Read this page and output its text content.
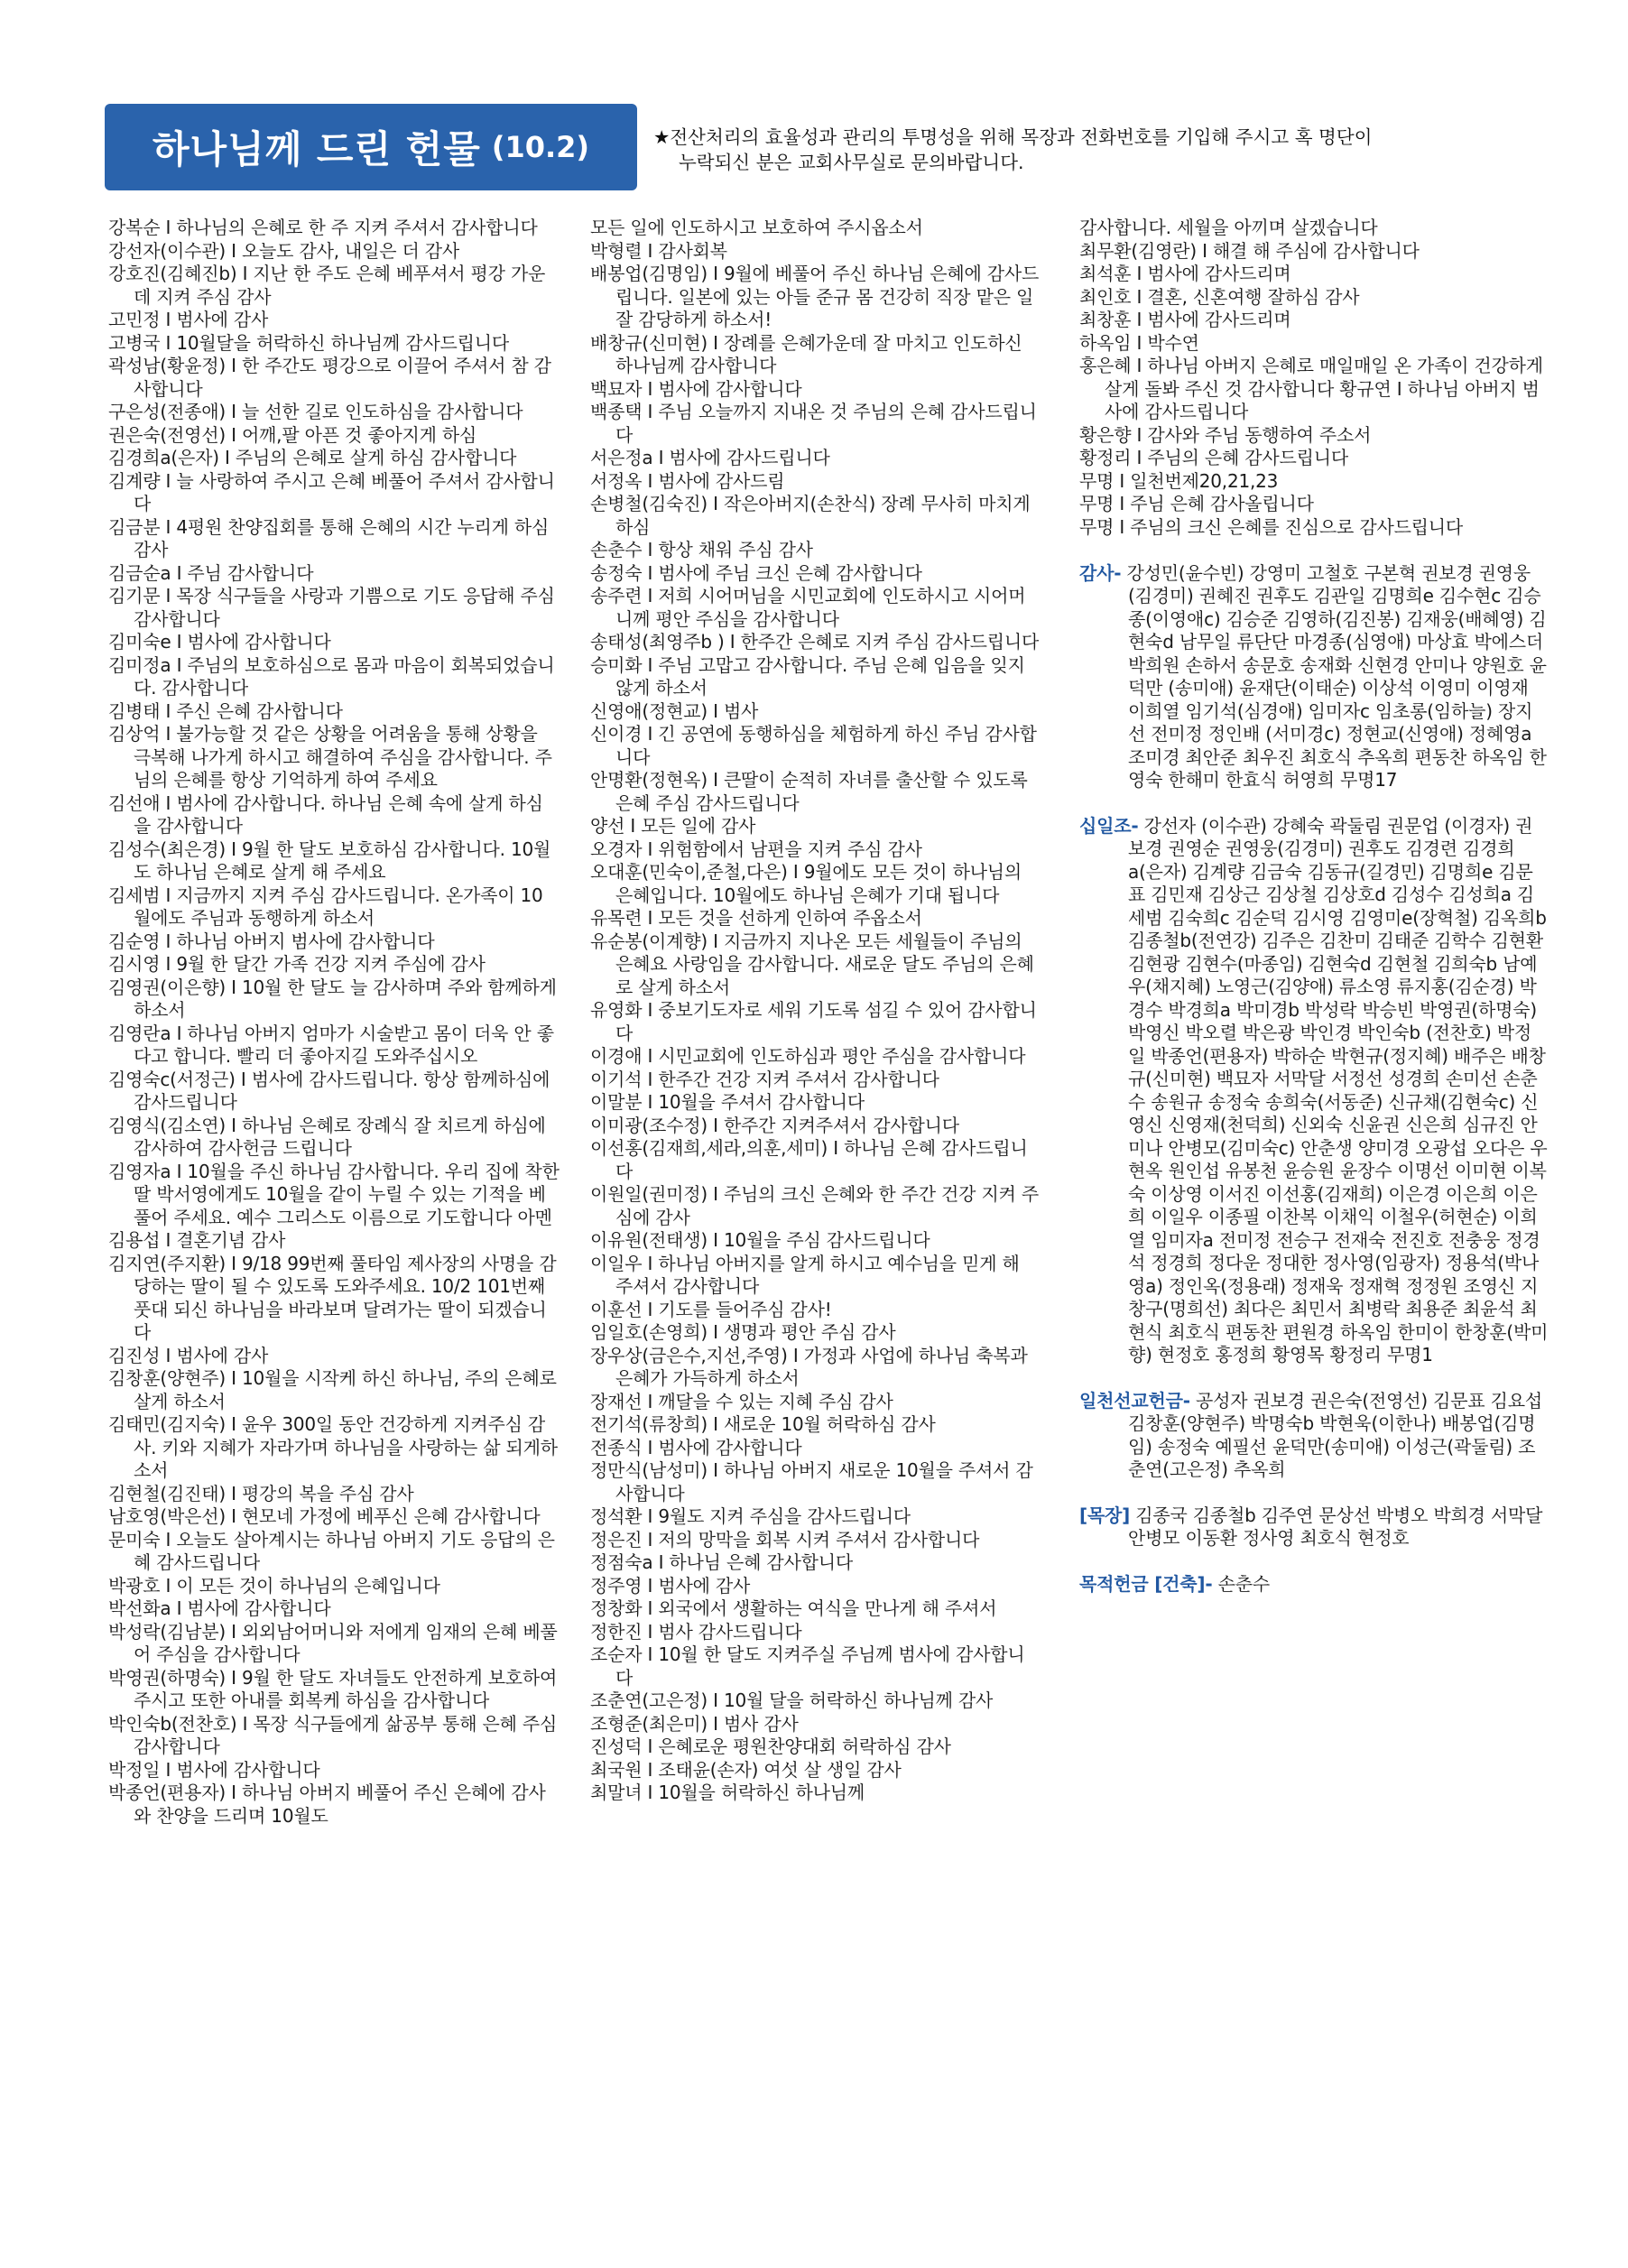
하나님께 드린 헌물 (10.2)	★전산처리의 효율성과 관리의 투명성을 위해 목장과 전화번호를 기입해 주시고 혹 명단이
누락되신 분은 교회사무실로 문의바랍니다.

강복순 I 하나님의 은혜로 한 주 지켜 주셔서 감사합니다

강선자(이수관) I 오늘도 감사, 내일은 더 감사

강호진(김혜진b) I 지난 한 주도 은혜 베푸셔서 평강 가운데 지켜 주심 감사

고민정 I 범사에 감사

고병국 I 10월달을 허락하신 하나님께 감사드립니다

곽성남(황윤정) I 한 주간도 평강으로 이끌어 주셔서 참 감사합니다

구은성(전종애) I 늘 선한 길로 인도하심을 감사합니다

권은숙(전영선) I 어깨,팔 아픈 것 좋아지게 하심

김경희a(은자) I 주님의 은혜로 살게 하심 감사합니다

김계량 I 늘 사랑하여 주시고 은혜 베풀어 주셔서 감사합니다

김금분 I 4평원 찬양집회를 통해 은혜의 시간 누리게 하심 감사

김금순a I 주님 감사합니다

김기문 I 목장 식구들을 사랑과 기쁨으로 기도 응답해 주심 감사합니다

김미숙e I 범사에 감사합니다

김미정a I 주님의 보호하심으로 몸과 마음이 회복되었습니다. 감사합니다

김병태 I 주신 은혜 감사합니다

김상억 I 불가능할 것 같은 상황을 어려움을 통해 상황을 극복해 나가게 하시고 해결하여 주심을 감사합니다. 주님의 은혜를 항상 기억하게 하여 주세요

김선애 I 범사에 감사합니다. 하나님 은혜 속에 살게 하심을 감사합니다

김성수(최은경) I 9월 한 달도 보호하심 감사합니다. 10월도 하나님 은혜로 살게 해 주세요

김세범 I 지금까지 지켜 주심 감사드립니다. 온가족이 10월에도 주님과 동행하게 하소서

김순영 I 하나님 아버지 범사에 감사합니다

김시영 I 9월 한 달간 가족 건강 지켜 주심에 감사

김영권(이은향) I 10월 한 달도 늘 감사하며 주와 함께하게 하소서

김영란a I 하나님 아버지 엄마가 시술받고 몸이 더욱 안 좋다고 합니다. 빨리 더 좋아지길 도와주십시오

김영숙c(서정근) I 범사에 감사드립니다. 항상 함께하심에 감사드립니다

김영식(김소연) I 하나님 은혜로 장례식 잘 치르게 하심에 감사하여 감사헌금 드립니다

김영자a I 10월을 주신 하나님 감사합니다. 우리 집에 착한 딸 박서영에게도 10월을 같이 누릴 수 있는 기적을 베풀어 주세요. 예수 그리스도 이름으로 기도합니다 아멘

김용섭 I 결혼기념 감사

김지연(주지환) I 9/18 99번째 풀타임 제사장의 사명을 감당하는 딸이 될 수 있도록 도와주세요. 10/2 101번째 풋대 되신 하나님을 바라보며 달려가는 딸이 되겠습니다

김진성 I 범사에 감사

김창훈(양현주) I 10월을 시작케 하신 하나님, 주의 은혜로 살게 하소서

김태민(김지숙) I 윤우 300일 동안 건강하게 지켜주심 감사. 키와 지혜가 자라가며 하나님을 사랑하는 삶 되게하소서

김현철(김진태) I 평강의 복을 주심 감사

남호영(박은선) I 현모네 가정에 베푸신 은혜 감사합니다

문미숙 I 오늘도 살아계시는 하나님 아버지 기도 응답의 은혜 감사드립니다

박광호 I 이 모든 것이 하나님의 은혜입니다

박선화a I 범사에 감사합니다

박성락(김남분) I 외외남어머니와 저에게 임재의 은혜 베풀어 주심을 감사합니다

박영권(하명숙) I 9월 한 달도 자녀들도 안전하게 보호하여 주시고 또한 아내를 회복케 하심을 감사합니다

박인숙b(전찬호) I 목장 식구들에게 삶공부 통해 은혜 주심 감사합니다

박정일 I 범사에 감사합니다

박종언(편용자) I 하나님 아버지 베풀어 주신 은혜에 감사와 찬양을 드리며 10월도

모든 일에 인도하시고 보호하여 주시옵소서

박형렬 I 감사회복

배봉업(김명임) I 9월에 베풀어 주신 하나님 은혜에 감사드립니다. 일본에 있는 아들 준규 몸 건강히 직장 맡은 일 잘 감당하게 하소서!

배창규(신미현) I 장례를 은혜가운데 잘 마치고 인도하신 하나님께 감사합니다

백묘자 I 범사에 감사합니다

백종택 I 주님 오늘까지 지내온 것 주님의 은혜 감사드립니다

서은정a I 범사에 감사드립니다

서정옥 I 범사에 감사드림

손병철(김숙진) I 작은아버지(손찬식) 장례 무사히 마치게 하심

손춘수 I 항상 채워 주심 감사

송정숙 I 범사에 주님 크신 은혜 감사합니다

송주련 I 저희 시어머님을 시민교회에 인도하시고 시어머니께 평안 주심을 감사합니다

송태성(최영주b ) I 한주간 은혜로 지켜 주심 감사드립니다

승미화 I 주님 고맙고 감사합니다. 주님 은혜 입음을 잊지 않게 하소서

신영애(정현교) I 범사

신이경 I 긴 공연에 동행하심을 체험하게 하신 주님 감사합니다

안명환(정현옥) I 큰딸이 순적히 자녀를 출산할 수 있도록 은혜 주심 감사드립니다

양선 I 모든 일에 감사

오경자 I 위험함에서 남편을 지켜 주심 감사

오대훈(민숙이,준철,다은) I 9월에도 모든 것이 하나님의 은혜입니다. 10월에도 하나님 은혜가 기대 됩니다

유목련 I 모든 것을 선하게 인하여 주옵소서

유순봉(이계향) I 지금까지 지나온 모든 세월들이 주님의 은혜요 사랑임을 감사합니다. 새로운 달도 주님의 은혜로 살게 하소서

유영화 I 중보기도자로 세워 기도록 섬길 수 있어 감사합니다

이경애 I 시민교회에 인도하심과 평안 주심을 감사합니다

이기석 I 한주간 건강 지켜 주셔서 감사합니다

이말분 I 10월을 주셔서 감사합니다

이미광(조수정) I 한주간 지켜주셔서 감사합니다

이선홍(김재희,세라,의훈,세미) I 하나님 은혜 감사드립니다

이원일(권미정) I 주님의 크신 은혜와 한 주간 건강 지켜 주심에 감사

이유원(전태생) I 10월을 주심 감사드립니다

이일우 I 하나님 아버지를 알게 하시고 예수님을 믿게 해 주셔서 감사합니다

이훈선 I 기도를 들어주심 감사!

임일호(손영희) I 생명과 평안 주심 감사

장우상(금은수,지선,주영) I 가정과 사업에 하나님 축복과 은혜가 가득하게 하소서

장재선 I 깨달을 수 있는 지혜 주심 감사

전기석(류창희) I 새로운 10월 허락하심 감사

전종식 I 범사에 감사합니다

정만식(남성미) I 하나님 아버지 새로운 10월을 주셔서 감사합니다

정석환 I 9월도 지켜 주심을 감사드립니다

정은진 I 저의 망막을 회복 시켜 주셔서 감사합니다

정점숙a I 하나님 은혜 감사합니다

정주영 I 범사에 감사

정창화 I 외국에서 생활하는 여식을 만나게 해 주셔서

정한진 I 범사 감사드립니다

조순자 I 10월 한 달도 지켜주실 주님께 범사에 감사합니다

조춘연(고은정) I 10월 달을 허락하신 하나님께 감사

조형준(최은미) I 범사 감사

진성덕 I 은혜로운 평원찬양대회 허락하심 감사

최국원 I 조태윤(손자) 여섯 살 생일 감사

최말녀 I 10월을 허락하신 하나님께

감사합니다. 세월을 아끼며 살겠습니다

최무환(김영란) I 해결 해 주심에 감사합니다

최석훈 I 범사에 감사드리며

최인호 I 결혼, 신혼여행 잘하심 감사

최창훈 I 범사에 감사드리며

하옥임 I 박수연

홍은혜 I 하나님 아버지 은혜로 매일매일 온 가족이 건강하게 살게 돌봐 주신 것 감사합니다 황규연 I 하나님 아버지 범사에 감사드립니다

황은향 I 감사와 주님 동행하여 주소서

황정리 I 주님의 은혜 감사드립니다

무명 I 일천번제20,21,23

무명 I 주님 은혜 감사올립니다

무명 I 주님의 크신 은혜를 진심으로 감사드립니다

감사- 강성민(윤수빈) 강영미 고철호 구본혁 권보경 권영웅(김경미) 권혜진 권후도 김관일 김명희e 김수현c 김승종(이영애c) 김승준 김영하(김진봉) 김재웅(배혜영) 김현숙d 남무일 류단단 마경종(심영애) 마상효 박에스더 박희원 손하서 송문호 송재화 신현경 안미나 양원호 윤덕만 (송미애) 윤재단(이태순) 이상석 이영미 이영재 이희열 임기석(심경애) 임미자c 임초롱(임하늘) 장지선 전미정 정인배 (서미경c) 정현교(신영애) 정혜영a 조미경 최안준 최우진 최호식 추옥희 편동찬 하옥임 한영숙 한해미 한효식 허영희 무명17

십일조- 강선자 (이수관) 강혜숙 곽둘림 권문업 (이경자) 권보경 권영순 권영웅(김경미) 권후도 김경련 김경희a(은자) 김계량 김금숙 김동규(길경민) 김명희e 김문표 김민재 김상근 김상철 김상호d 김성수 김성희a 김세범 김숙희c 김순덕 김시영 김영미e(장혁철) 김옥희b 김종철b(전연강) 김주은 김찬미 김태준 김학수 김현환 김현광 김현수(마종임) 김현숙d 김현철 김희숙b 남예우(채지혜) 노영근(김양애) 류소영 류지홍(김순경) 박경수 박경희a 박미경b 박성락 박승빈 박영권(하명숙) 박영신 박오렬 박은광 박인경 박인숙b (전찬호) 박정일 박종언(편용자) 박하순 박현규(정지혜) 배주은 배창규(신미현) 백묘자 서막달 서정선 성경희 손미선 손춘수 송원규 송정숙 송희숙(서동준) 신규채(김현숙c) 신영신 신영재(천덕희) 신외숙 신윤권 신은희 심규진 안미나 안병모(김미숙c) 안춘생 양미경 오광섭 오다은 우현옥 원인섭 유봉천 윤승원 윤장수 이명선 이미현 이복숙 이상영 이서진 이선홍(김재희) 이은경 이은희 이은희 이일우 이종필 이찬복 이채익 이철우(허현순) 이희열 임미자a 전미정 전승구 전재숙 전진호 전충웅 정경석 정경희 정다운 정대한 정사영(임광자) 정용석(박나영a) 정인옥(정용래) 정재욱 정재혁 정정원 조영신 지창구(명희선) 최다은 최민서 최병락 최용준 최윤석 최현식 최호식 편동찬 편원경 하옥임 한미이 한창훈(박미향) 현정호 홍정희 황영목 황정리 무명1

일천선교헌금- 공성자 권보경 권은숙(전영선) 김문표 김요섭 김창훈(양현주) 박명숙b 박현욱(이한나) 배봉업(김명임) 송정숙 예필선 윤덕만(송미애) 이성근(곽둘림) 조춘연(고은정) 추옥희

[목장] 김종국 김종철b 김주연 문상선 박병오 박희경 서막달 안병모 이동환 정사영 최호식 현정호

목적헌금 [건축]- 손춘수
